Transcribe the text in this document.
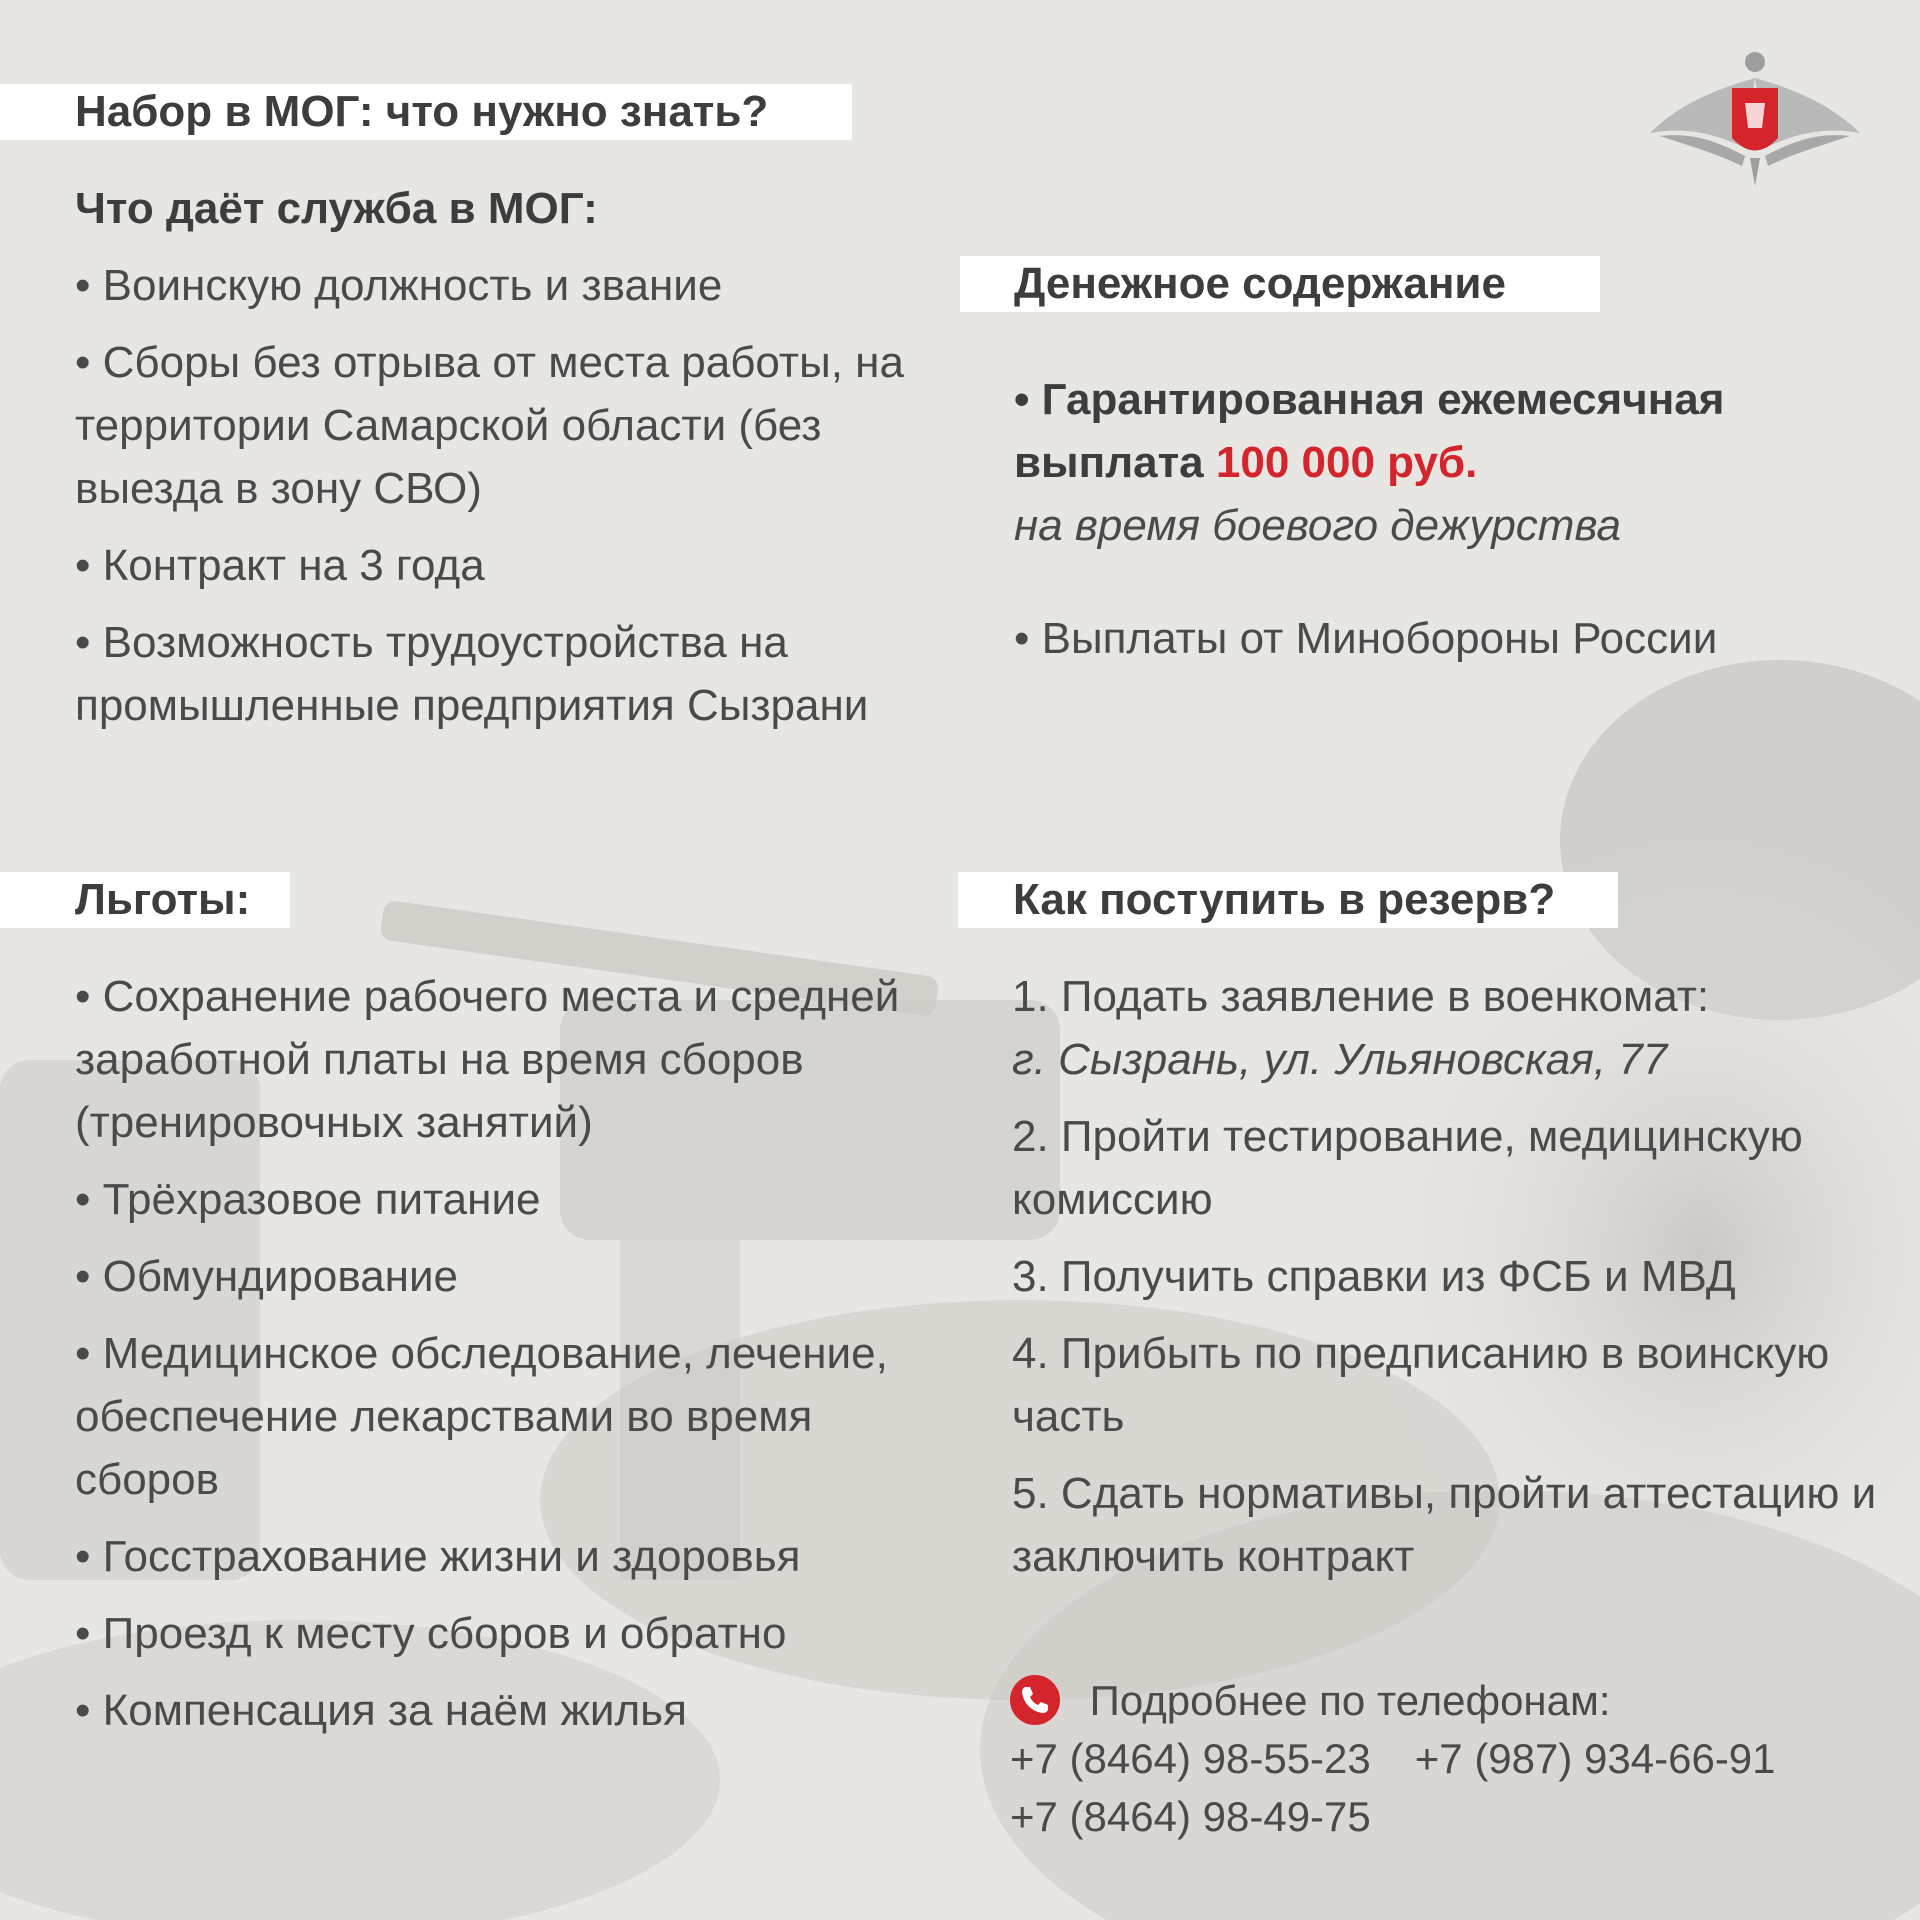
Набор в МОГ: что нужно знать?
Что даёт служба в МОГ:
• Воинскую должность и звание
• Сборы без отрыва от места работы, на территории Самарской области (без выезда в зону СВО)
• Контракт на 3 года
• Возможность трудоустройства на промышленные предприятия Сызрани
Денежное содержание
• Гарантированная ежемесячная выплата 100 000 руб.
на время боевого дежурства
• Выплаты от Минобороны России
Льготы:
• Сохранение рабочего места и средней заработной платы на время сборов (тренировочных занятий)
• Трёхразовое питание
• Обмундирование
• Медицинское обследование, лечение, обеспечение лекарствами во время сборов
• Госстрахование жизни и здоровья
• Проезд к месту сборов и обратно
• Компенсация за наём жилья
Как поступить в резерв?
1. Подать заявление в военкомат:
г. Сызрань, ул. Ульяновская, 77
2. Пройти тестирование, медицинскую комиссию
3. Получить справки из ФСБ и МВД
4. Прибыть по предписанию в воинскую часть
5. Сдать нормативы, пройти аттестацию и заключить контракт
Подробнее по телефонам:
+7 (8464) 98-55-23 +7 (987) 934-66-91
+7 (8464) 98-49-75
